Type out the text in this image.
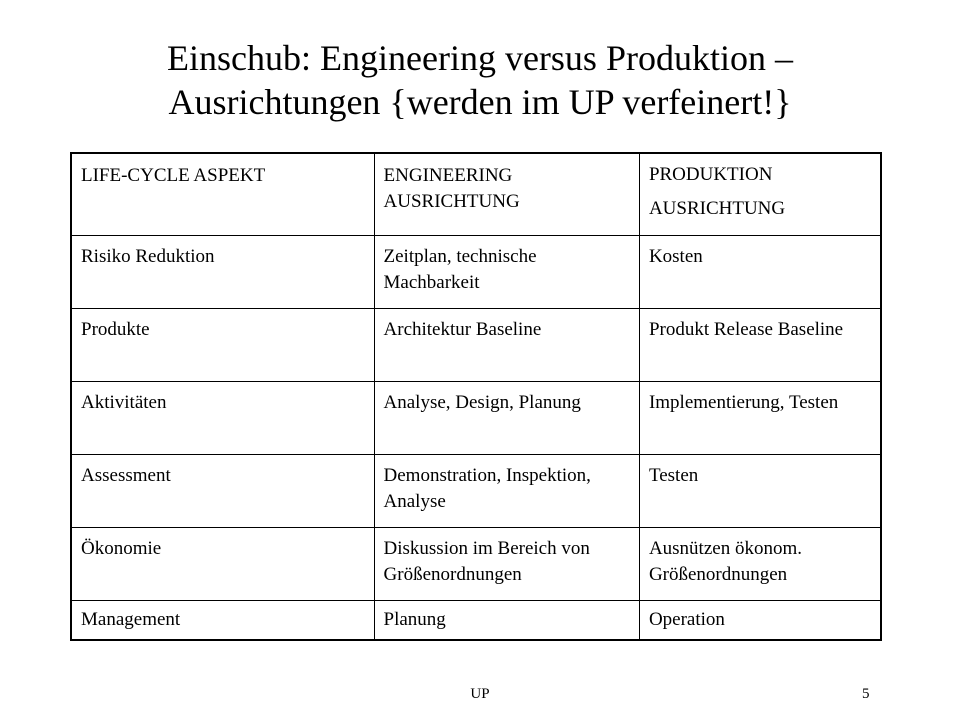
Einschub: Engineering versus Produktion –
Ausrichtungen {werden im UP verfeinert!}
LIFE-CYCLE ASPEKT	ENGINEERING AUSRICHTUNG	PRODUKTION AUSRICHTUNG
Risiko Reduktion	Zeitplan, technische Machbarkeit	Kosten
Produkte	Architektur Baseline	Produkt Release Baseline
Aktivitäten	Analyse, Design, Planung	Implementierung, Testen
Assessment	Demonstration, Inspektion, Analyse	Testen
Ökonomie	Diskussion im Bereich von Größenordnungen	Ausnützen ökonom. Größenordnungen
Management	Planung	Operation
UP	5
